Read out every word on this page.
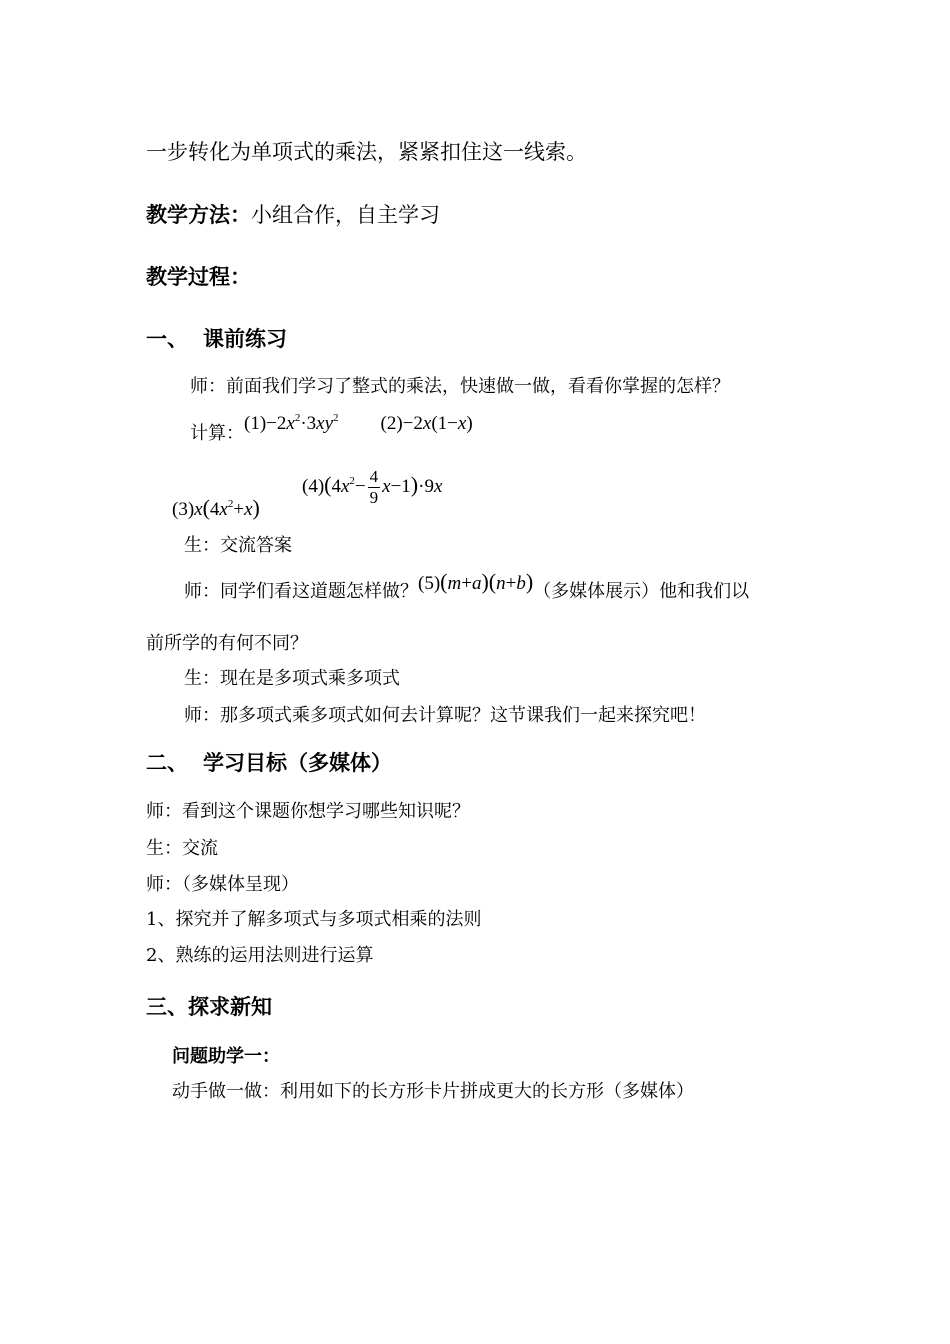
一步转化为单项式的乘法，紧紧扣住这一线索。
教学方法：小组合作，自主学习
教学过程：
一、 课前练习
师：前面我们学习了整式的乘法，快速做一做，看看你掌握的怎样？
计算：$(1)-2x^2\cdot 3xy^2$ (2)−2x(1−x)
$(3)x(4x^2+x)$
$(4)(4x^2- \frac{4}{9} x-1)\cdot 9x$
生：交流答案
师：同学们看这道题怎样做？(5)(m+a)(n+b)（多媒体展示）他和我们以
前所学的有何不同？
生：现在是多项式乘多项式
师：那多项式乘多项式如何去计算呢？这节课我们一起来探究吧！
二、 学习目标（多媒体）
师：看到这个课题你想学习哪些知识呢？
生：交流
师：（多媒体呈现）
1、探究并了解多项式与多项式相乘的法则
2、熟练的运用法则进行运算
三、探求新知
问题助学一：
动手做一做：利用如下的长方形卡片拼成更大的长方形（多媒体）
